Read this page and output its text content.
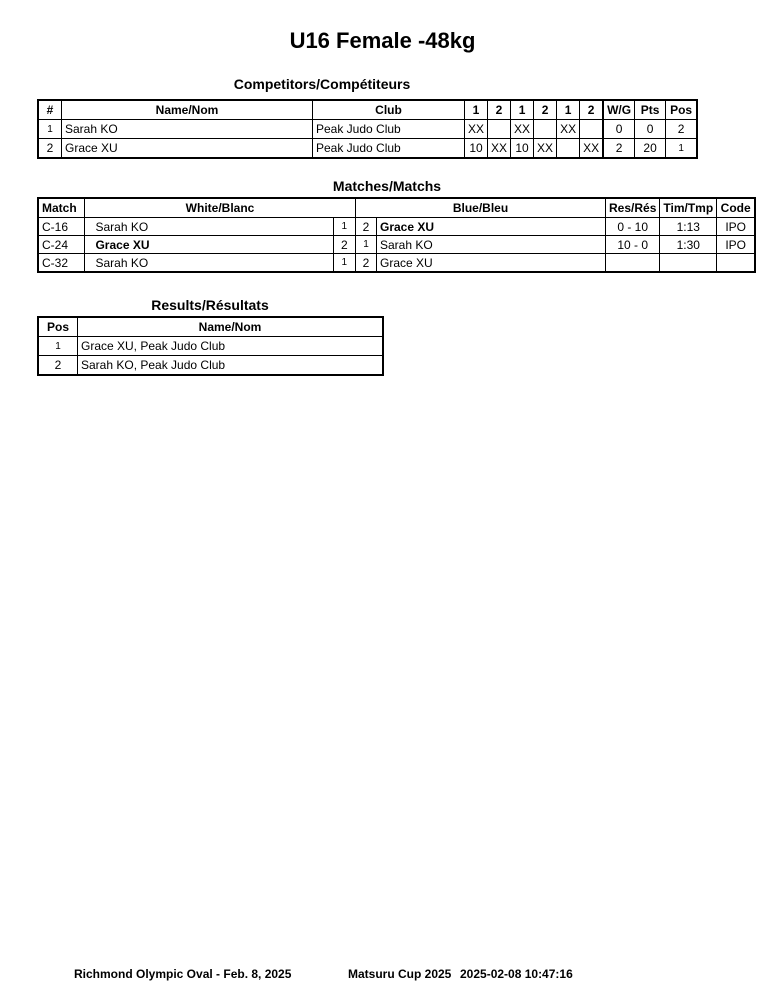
U16 Female -48kg
Competitors/Compétiteurs
#	Name/Nom	Club	1	2	1	2	1	2	W/G	Pts	Pos
1	Sarah KO	Peak Judo Club	XX		XX		XX		0	0	2
2	Grace XU	Peak Judo Club	10	XX	10	XX		XX	2	20	1
Matches/Matchs
Match	White/Blanc			Blue/Bleu		Res/Rés	Tim/Tmp	Code
C-16		Sarah KO	1	2	Grace XU	0 - 10	1:13	IPO
C-24		Grace XU	2	1	Sarah KO	10 - 0	1:30	IPO
C-32		Sarah KO	1	2	Grace XU			
Results/Résultats
Pos	Name/Nom
1	Grace XU, Peak Judo Club
2	Sarah KO, Peak Judo Club
Richmond Olympic Oval - Feb. 8, 2025	Matsuru Cup 2025 2025-02-08 10:47:16
